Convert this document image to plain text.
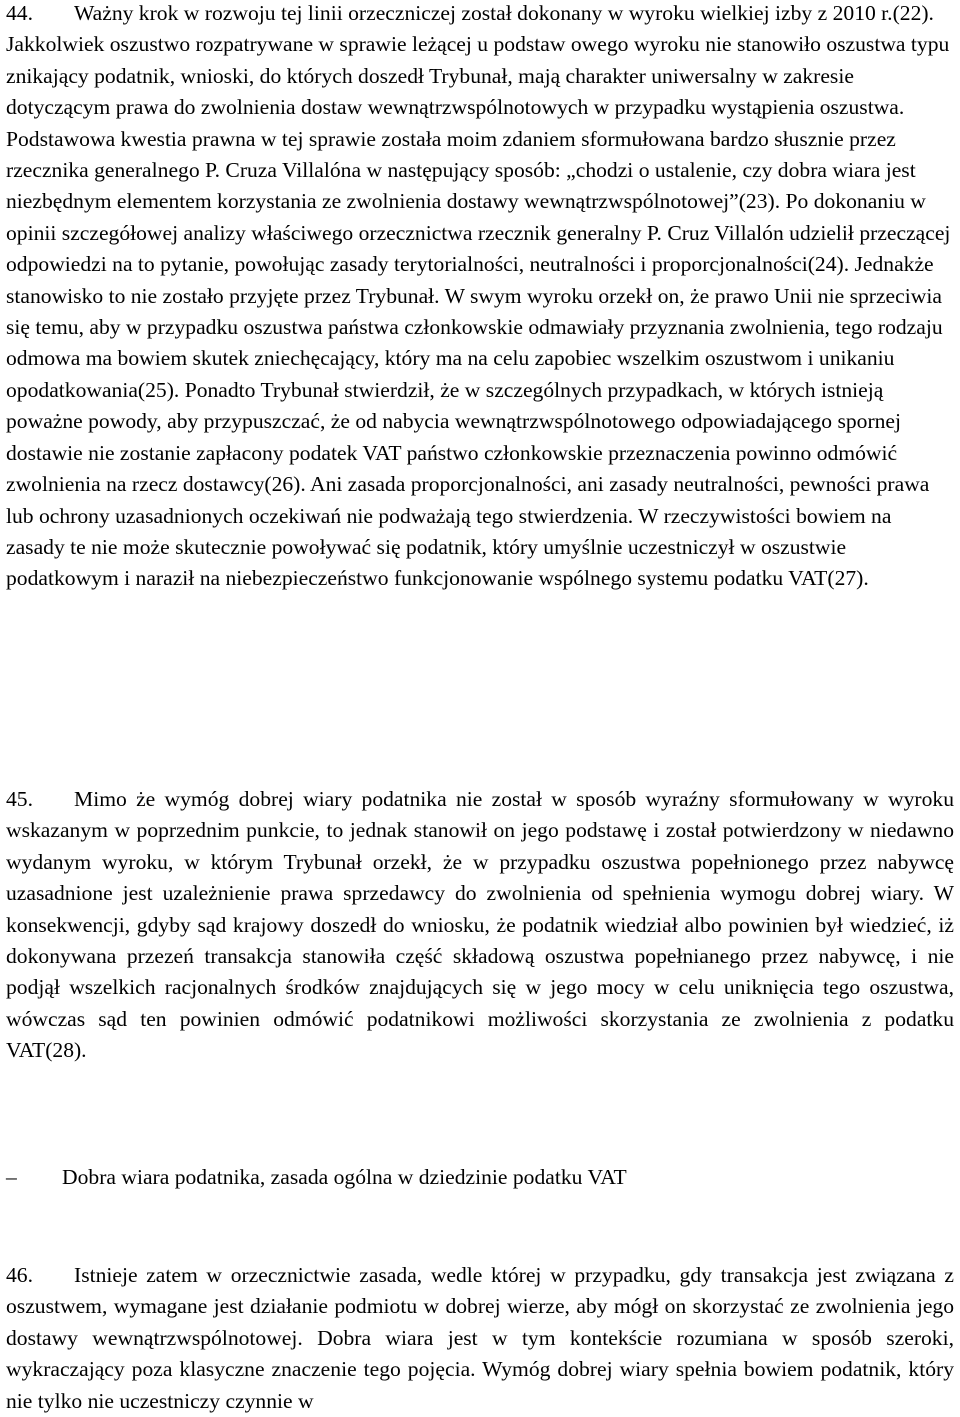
44. Ważny krok w rozwoju tej linii orzeczniczej został dokonany w wyroku wielkiej izby z 2010 r.(22). Jakkolwiek oszustwo rozpatrywane w sprawie leżącej u podstaw owego wyroku nie stanowiło oszustwa typu znikający podatnik, wnioski, do których doszedł Trybunał, mają charakter uniwersalny w zakresie dotyczącym prawa do zwolnienia dostaw wewnątrzwspólnotowych w przypadku wystąpienia oszustwa. Podstawowa kwestia prawna w tej sprawie została moim zdaniem sformułowana bardzo słusznie przez rzecznika generalnego P. Cruza Villalóna w następujący sposób: „chodzi o ustalenie, czy dobra wiara jest niezbędnym elementem korzystania ze zwolnienia dostawy wewnątrzwspólnotowej”(23). Po dokonaniu w opinii szczegółowej analizy właściwego orzecznictwa rzecznik generalny P. Cruz Villalón udzielił przeczącej odpowiedzi na to pytanie, powołując zasady terytorialności, neutralności i proporcjonalności(24). Jednakże stanowisko to nie zostało przyjęte przez Trybunał. W swym wyroku orzekł on, że prawo Unii nie sprzeciwia się temu, aby w przypadku oszustwa państwa członkowskie odmawiały przyznania zwolnienia, tego rodzaju odmowa ma bowiem skutek zniechęcający, który ma na celu zapobiec wszelkim oszustwom i unikaniu opodatkowania(25). Ponadto Trybunał stwierdził, że w szczególnych przypadkach, w których istnieją poważne powody, aby przypuszczać, że od nabycia wewnątrzwspólnotowego odpowiadającego spornej dostawie nie zostanie zapłacony podatek VAT państwo członkowskie przeznaczenia powinno odmówić zwolnienia na rzecz dostawcy(26). Ani zasada proporcjonalności, ani zasady neutralności, pewności prawa lub ochrony uzasadnionych oczekiwań nie podważają tego stwierdzenia. W rzeczywistości bowiem na zasady te nie może skutecznie powoływać się podatnik, który umyślnie uczestniczył w oszustwie podatkowym i naraził na niebezpieczeństwo funkcjonowanie wspólnego systemu podatku VAT(27).

45. Mimo że wymóg dobrej wiary podatnika nie został w sposób wyraźny sformułowany w wyroku wskazanym w poprzednim punkcie, to jednak stanowił on jego podstawę i został potwierdzony w niedawno wydanym wyroku, w którym Trybunał orzekł, że w przypadku oszustwa popełnionego przez nabywcę uzasadnione jest uzależnienie prawa sprzedawcy do zwolnienia od spełnienia wymogu dobrej wiary. W konsekwencji, gdyby sąd krajowy doszedł do wniosku, że podatnik wiedział albo powinien był wiedzieć, iż dokonywana przezeń transakcja stanowiła część składową oszustwa popełnianego przez nabywcę, i nie podjął wszelkich racjonalnych środków znajdujących się w jego mocy w celu uniknięcia tego oszustwa, wówczas sąd ten powinien odmówić podatnikowi możliwości skorzystania ze zwolnienia z podatku VAT(28).

– Dobra wiara podatnika, zasada ogólna w dziedzinie podatku VAT

46. Istnieje zatem w orzecznictwie zasada, wedle której w przypadku, gdy transakcja jest związana z oszustwem, wymagane jest działanie podmiotu w dobrej wierze, aby mógł on skorzystać ze zwolnienia jego dostawy wewnątrzwspólnotowej. Dobra wiara jest w tym kontekście rozumiana w sposób szeroki, wykraczający poza klasyczne znaczenie tego pojęcia. Wymóg dobrej wiary spełnia bowiem podatnik, który nie tylko nie uczestniczy czynnie w
